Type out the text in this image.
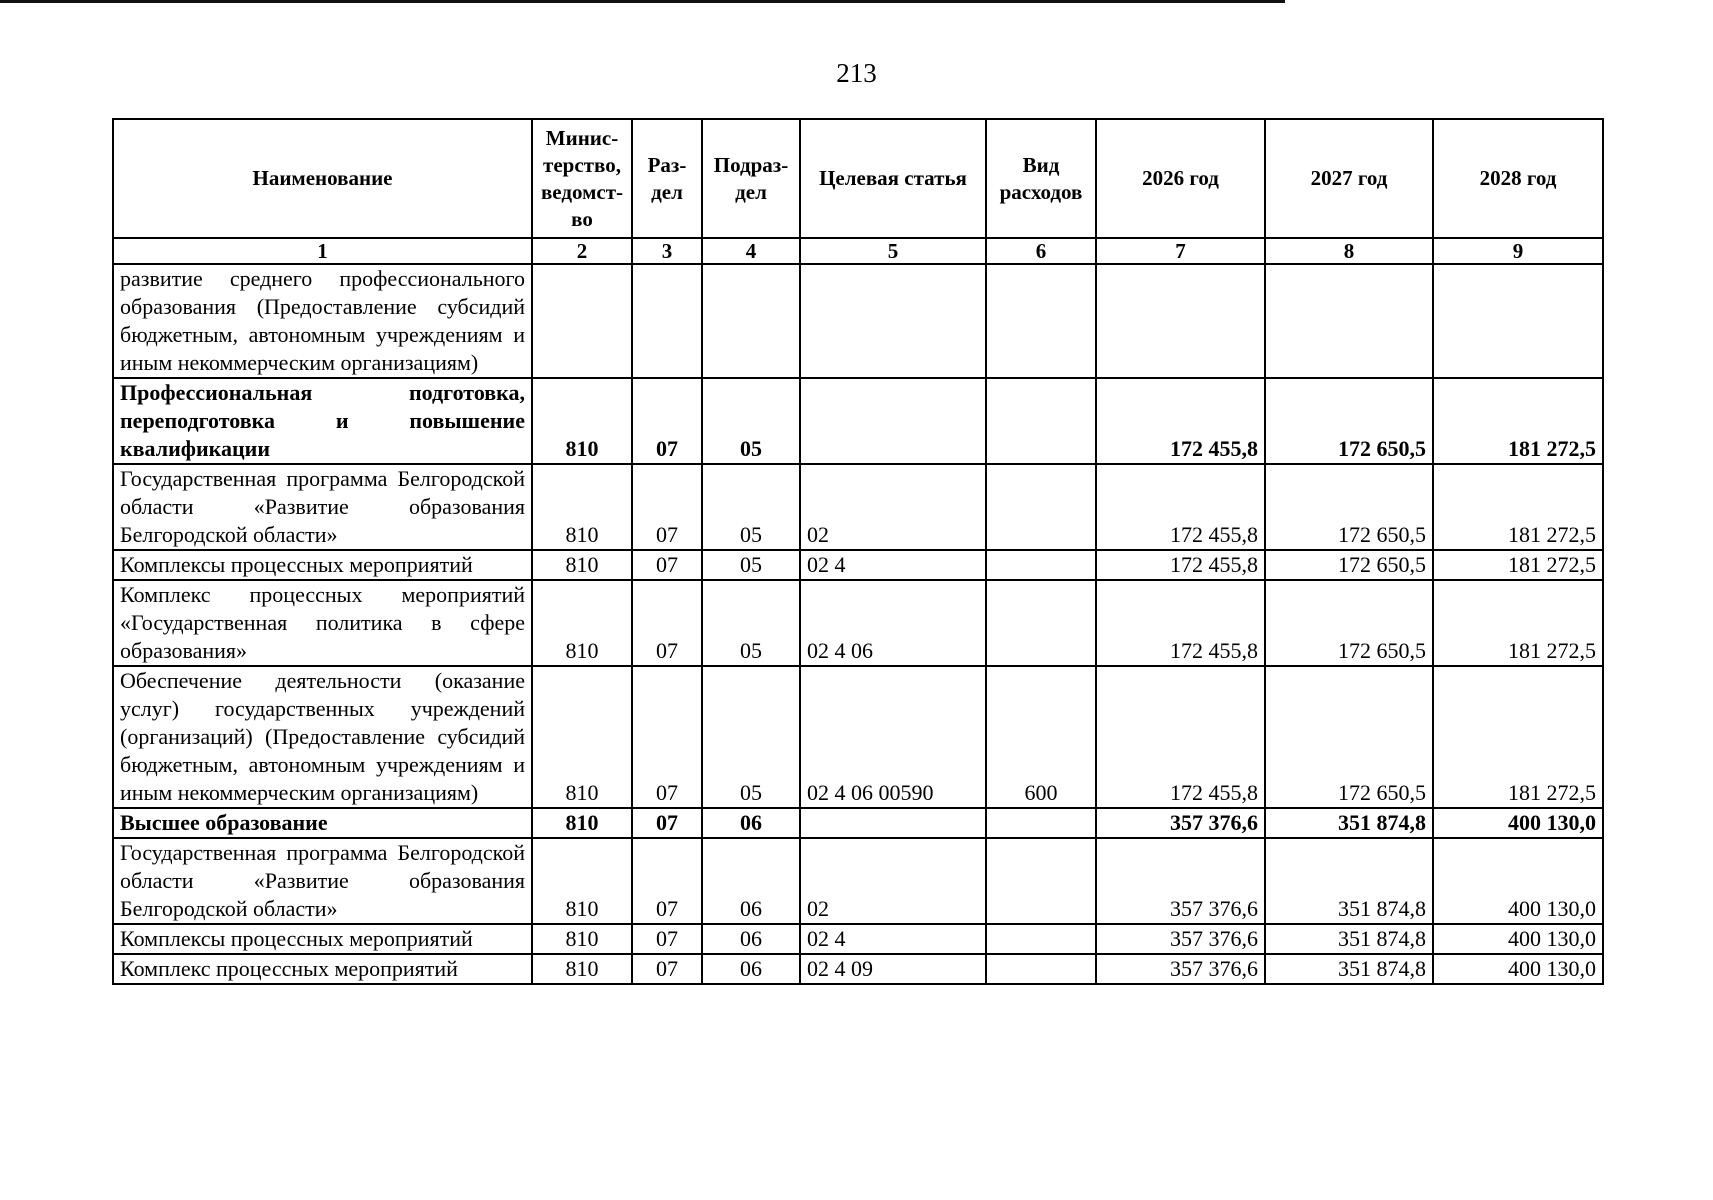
213
Наименование	Минис-терство, ведомст-во	Раз-дел	Подраз-дел	Целевая статья	Вид расходов	2026 год	2027 год	2028 год
1	2	3	4	5	6	7	8	9
развитие среднего профессионального образования (Предоставление субсидий бюджетным, автономным учреждениям и иным некоммерческим организациям)								
Профессиональная подготовка, переподготовка и повышение квалификации	810	07	05			172 455,8	172 650,5	181 272,5
Государственная программа Белгородской области «Развитие образования Белгородской области»	810	07	05	02		172 455,8	172 650,5	181 272,5
Комплексы процессных мероприятий	810	07	05	02 4		172 455,8	172 650,5	181 272,5
Комплекс процессных мероприятий «Государственная политика в сфере образования»	810	07	05	02 4 06		172 455,8	172 650,5	181 272,5
Обеспечение деятельности (оказание услуг) государственных учреждений (организаций) (Предоставление субсидий бюджетным, автономным учреждениям и иным некоммерческим организациям)	810	07	05	02 4 06 00590	600	172 455,8	172 650,5	181 272,5
Высшее образование	810	07	06			357 376,6	351 874,8	400 130,0
Государственная программа Белгородской области «Развитие образования Белгородской области»	810	07	06	02		357 376,6	351 874,8	400 130,0
Комплексы процессных мероприятий	810	07	06	02 4		357 376,6	351 874,8	400 130,0
Комплекс процессных мероприятий	810	07	06	02 4 09		357 376,6	351 874,8	400 130,0
